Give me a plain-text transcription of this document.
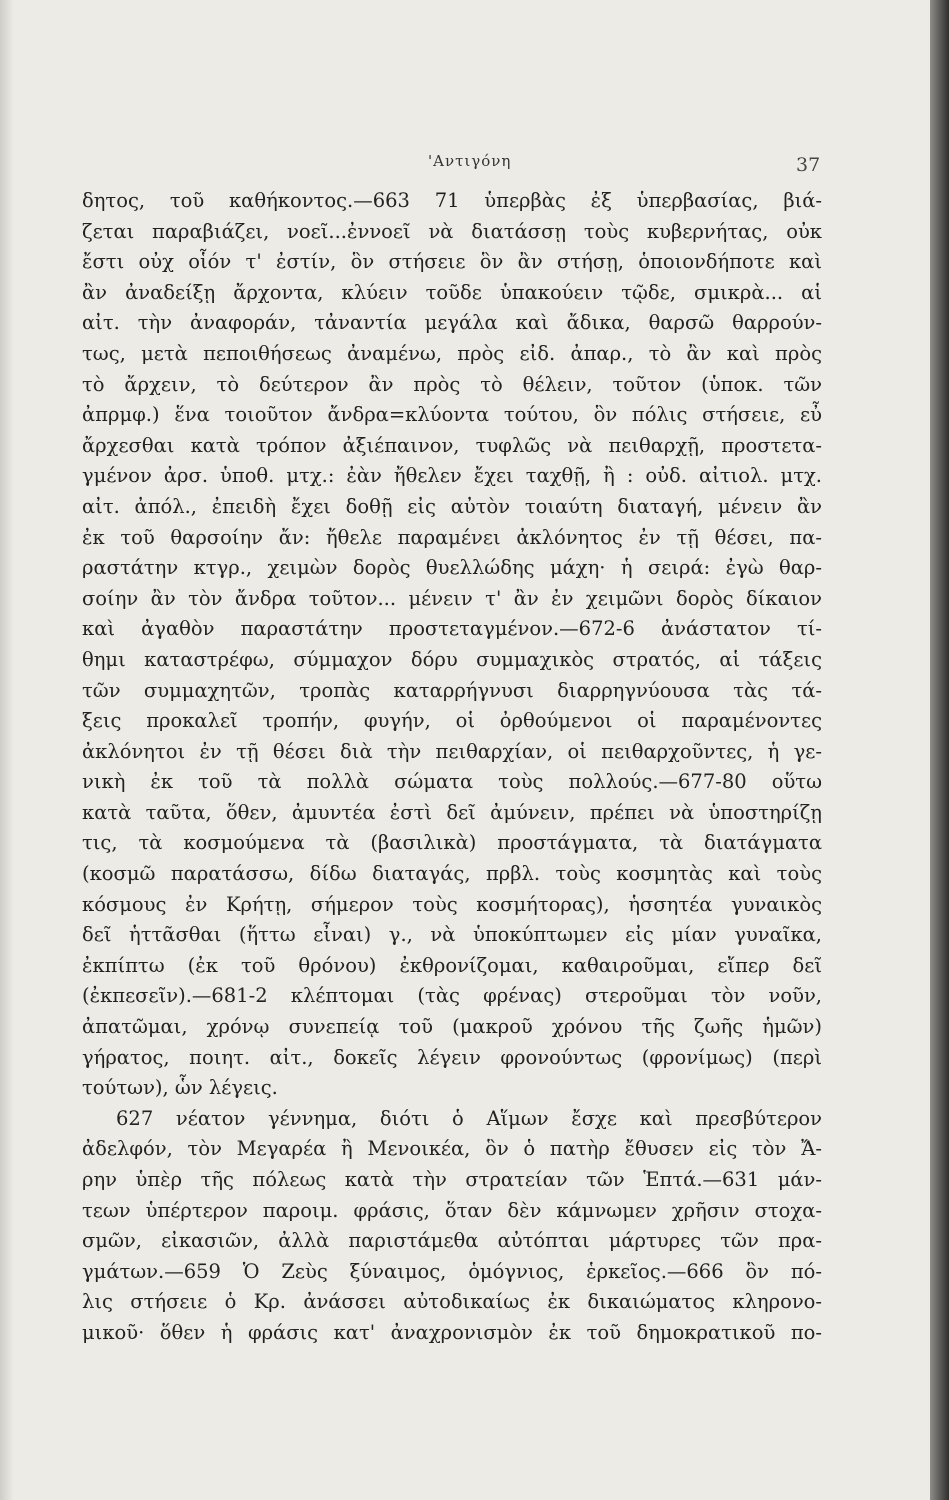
'Αντιγόνη	37
δητος, τοῦ καθήκοντος.—663 71 ὑπερβὰς ἐξ ὑπερβασίας, βιά-
ζεται παραβιάζει, νοεῖ...ἐννοεῖ νὰ διατάσσῃ τοὺς κυβερνήτας, οὐκ
ἔστι οὐχ οἷόν τ' ἐστίν, ὃν στήσειε ὃν ἂν στήσῃ, ὁποιονδήποτε καὶ
ἂν ἀναδείξῃ ἄρχοντα, κλύειν τοῦδε ὑπακούειν τῷδε, σμικρὰ... αἱ
αἰτ. τὴν ἀναφοράν, τἀναντία μεγάλα καὶ ἄδικα, θαρσῶ θαρρούν-
τως, μετὰ πεποιθήσεως ἀναμένω, πρὸς εἰδ. ἀπαρ., τὸ ἂν καὶ πρὸς
τὸ ἄρχειν, τὸ δεύτερον ἂν πρὸς τὸ θέλειν, τοῦτον (ὑποκ. τῶν
ἀπρμφ.) ἕνα τοιοῦτον ἄνδρα=κλύοντα τούτου, ὃν πόλις στήσειε, εὖ
ἄρχεσθαι κατὰ τρόπον ἀξιέπαινον, τυφλῶς νὰ πειθαρχῇ, προστετα-
γμένον ἀρσ. ὑποθ. μτχ.: ἐὰν ἤθελεν ἔχει ταχθῇ, ἢ : οὐδ. αἰτιολ. μτχ.
αἰτ. ἀπόλ., ἐπειδὴ ἔχει δοθῇ εἰς αὐτὸν τοιαύτη διαταγή, μένειν ἂν
ἐκ τοῦ θαρσοίην ἄν: ἤθελε παραμένει ἀκλόνητος ἐν τῇ θέσει, πα-
ραστάτην κτγρ., χειμὼν δορὸς θυελλώδης μάχη· ἡ σειρά: ἐγὼ θαρ-
σοίην ἂν τὸν ἄνδρα τοῦτον... μένειν τ' ἂν ἐν χειμῶνι δορὸς δίκαιον
καὶ ἀγαθὸν παραστάτην προστεταγμένον.—672-6 ἀνάστατον τί-
θημι καταστρέφω, σύμμαχον δόρυ συμμαχικὸς στρατός, αἱ τάξεις
τῶν συμμαχητῶν, τροπὰς καταρρήγνυσι διαρρηγνύουσα τὰς τά-
ξεις προκαλεῖ τροπήν, φυγήν, οἱ ὀρθούμενοι οἱ παραμένοντες
ἀκλόνητοι ἐν τῇ θέσει διὰ τὴν πειθαρχίαν, οἱ πειθαρχοῦντες, ἡ γε-
νικὴ ἐκ τοῦ τὰ πολλὰ σώματα τοὺς πολλούς.—677-80 οὕτω
κατὰ ταῦτα, ὅθεν, ἀμυντέα ἐστὶ δεῖ ἀμύνειν, πρέπει νὰ ὑποστηρίζῃ
τις, τὰ κοσμούμενα τὰ (βασιλικὰ) προστάγματα, τὰ διατάγματα
(κοσμῶ παρατάσσω, δίδω διαταγάς, πρβλ. τοὺς κοσμητὰς καὶ τοὺς
κόσμους ἐν Κρήτῃ, σήμερον τοὺς κοσμήτορας), ἡσσητέα γυναικὸς
δεῖ ἡττᾶσθαι (ἥττω εἶναι) γ., νὰ ὑποκύπτωμεν εἰς μίαν γυναῖκα,
ἐκπίπτω (ἐκ τοῦ θρόνου) ἐκθρονίζομαι, καθαιροῦμαι, εἴπερ δεῖ
(ἐκπεσεῖν).—681-2 κλέπτομαι (τὰς φρένας) στεροῦμαι τὸν νοῦν,
ἀπατῶμαι, χρόνῳ συνεπείᾳ τοῦ (μακροῦ χρόνου τῆς ζωῆς ἡμῶν)
γήρατος, ποιητ. αἰτ., δοκεῖς λέγειν φρονούντως (φρονίμως) (περὶ
τούτων), ὧν λέγεις.
627 νέατον γέννημα, διότι ὁ Αἵμων ἔσχε καὶ πρεσβύτερον
ἀδελφόν, τὸν Μεγαρέα ἢ Μενοικέα, ὃν ὁ πατὴρ ἔθυσεν εἰς τὸν Ἄ-
ρην ὑπὲρ τῆς πόλεως κατὰ τὴν στρατείαν τῶν Ἑπτά.—631 μάν-
τεων ὑπέρτερον παροιμ. φράσις, ὅταν δὲν κάμνωμεν χρῆσιν στοχα-
σμῶν, εἰκασιῶν, ἀλλὰ παριστάμεθα αὐτόπται μάρτυρες τῶν πρα-
γμάτων.—659 Ὁ Ζεὺς ξύναιμος, ὁμόγνιος, ἑρκεῖος.—666 ὃν πό-
λις στήσειε ὁ Κρ. ἀνάσσει αὐτοδικαίως ἐκ δικαιώματος κληρονο-
μικοῦ· ὅθεν ἡ φράσις κατ' ἀναχρονισμὸν ἐκ τοῦ δημοκρατικοῦ πο-
